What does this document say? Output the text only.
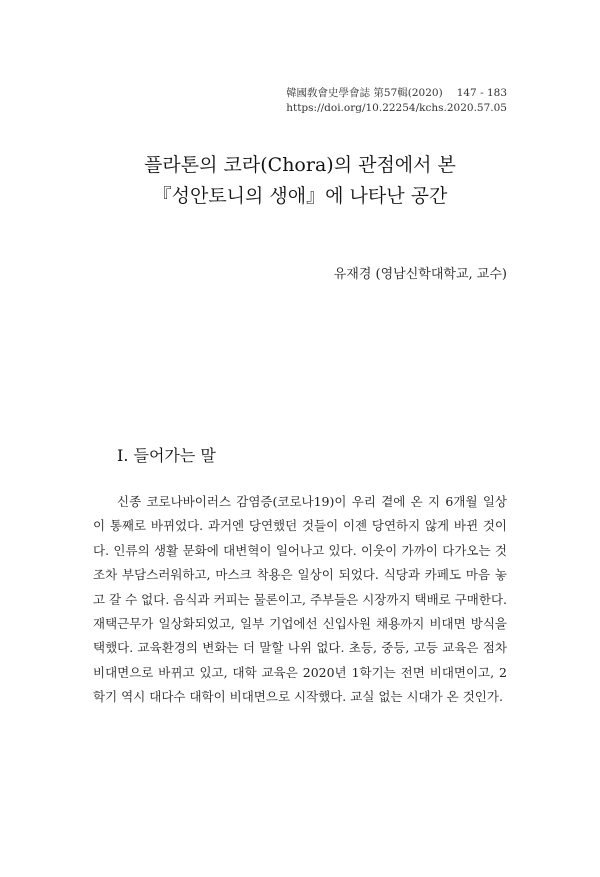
韓國敎會史學會誌 第57輯(2020) 147 - 183
https://doi.org/10.22254/kchs.2020.57.05
플라톤의 코라(Chora)의 관점에서 본
『성안토니의 생애』에 나타난 공간
유재경 (영남신학대학교, 교수)
I. 들어가는 말

신종 코로나바이러스 감염증(코로나19)이 우리 곁에 온 지 6개월 일상이 통째로 바뀌었다. 과거엔 당연했던 것들이 이젠 당연하지 않게 바뀐 것이다. 인류의 생활 문화에 대변혁이 일어나고 있다. 이웃이 가까이 다가오는 것조차 부담스러워하고, 마스크 착용은 일상이 되었다. 식당과 카페도 마음 놓고 갈 수 없다. 음식과 커피는 물론이고, 주부들은 시장까지 택배로 구매한다. 재택근무가 일상화되었고, 일부 기업에선 신입사원 채용까지 비대면 방식을 택했다. 교육환경의 변화는 더 말할 나위 없다. 초등, 중등, 고등 교육은 점차 비대면으로 바뀌고 있고, 대학 교육은 2020년 1학기는 전면 비대면이고, 2학기 역시 대다수 대학이 비대면으로 시작했다. 교실 없는 시대가 온 것인가.
